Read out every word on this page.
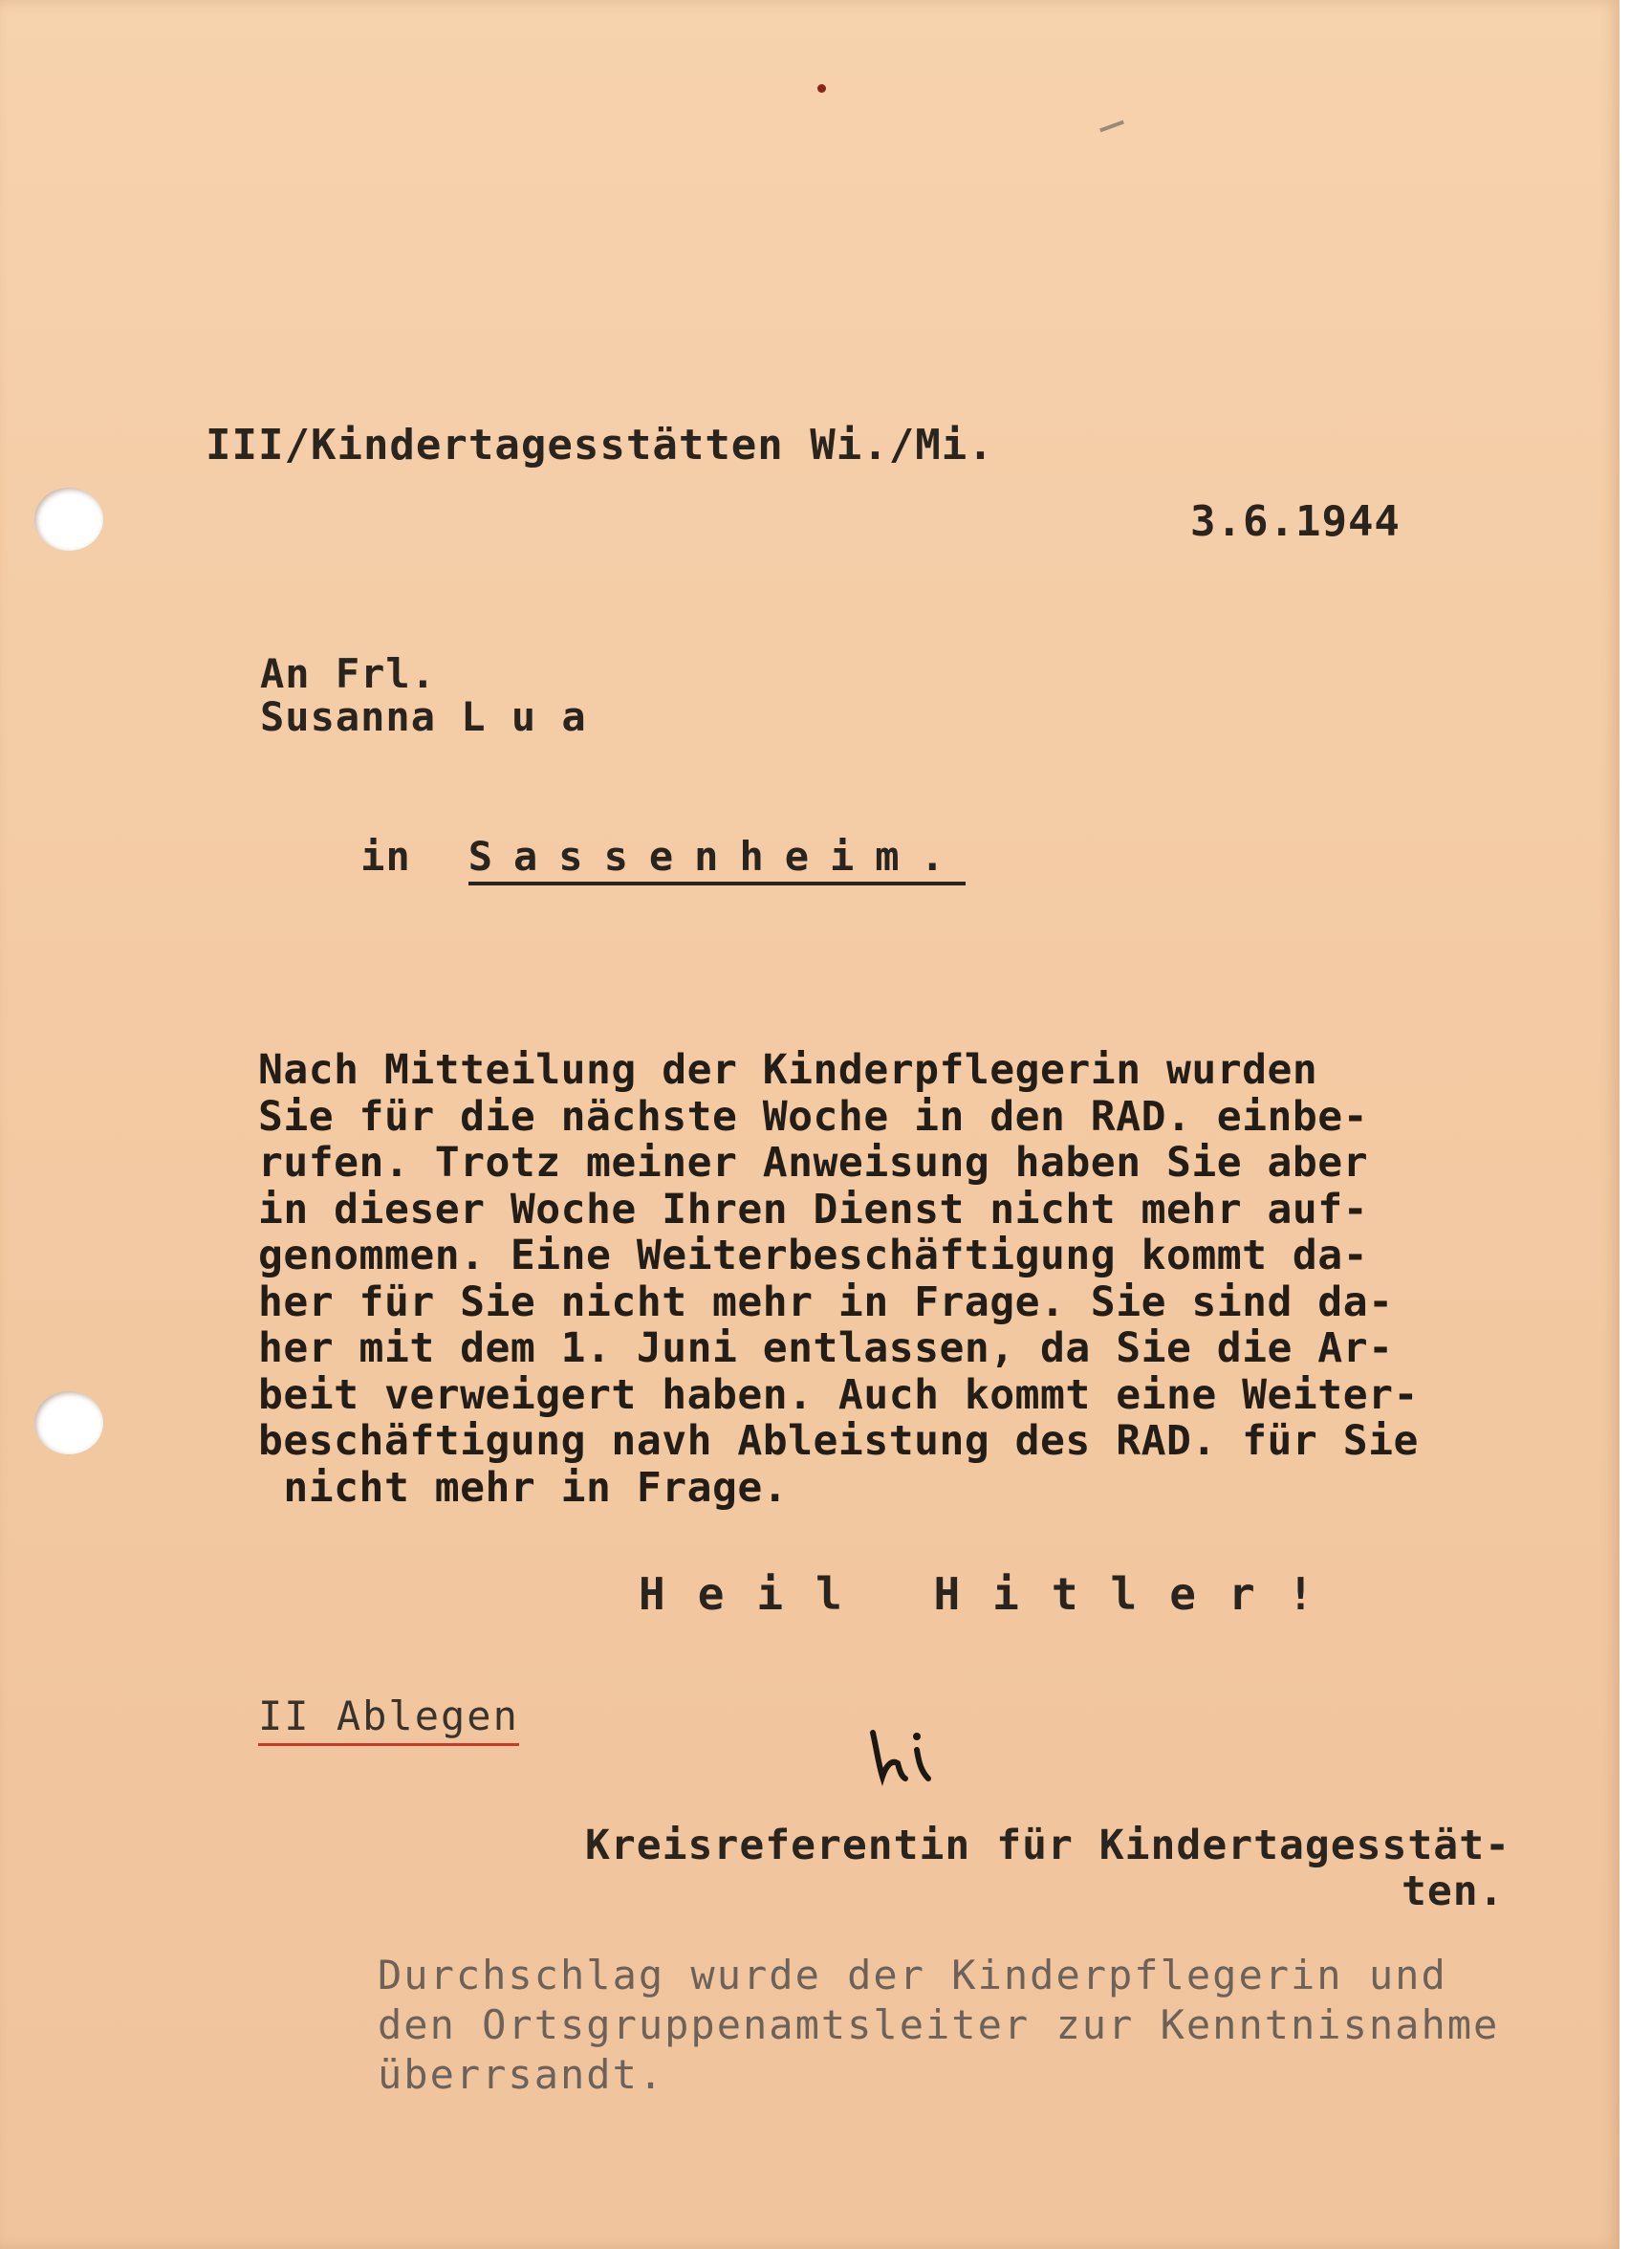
III/Kindertagesstätten Wi./Mi.

3.6.1944

An Frl.

Susanna L u a

in Sassenheim.

Nach Mitteilung der Kinderpflegerin wurden
Sie für die nächste Woche in den RAD. einbe-
rufen. Trotz meiner Anweisung haben Sie aber
in dieser Woche Ihren Dienst nicht mehr auf-
genommen. Eine Weiterbeschäftigung kommt da-
her für Sie nicht mehr in Frage. Sie sind da-
her mit dem 1. Juni entlassen, da Sie die Ar-
beit verweigert haben. Auch kommt eine Weiter-
beschäftigung navh Ableistung des RAD. für Sie
nicht mehr in Frage.
Heil Hitler!

II Ablegen

Kreisreferentin für Kindertagesstät-

ten.

Durchschlag wurde der Kinderpflegerin und
den Ortsgruppenamtsleiter zur Kenntnisnahme
überrsandt.
